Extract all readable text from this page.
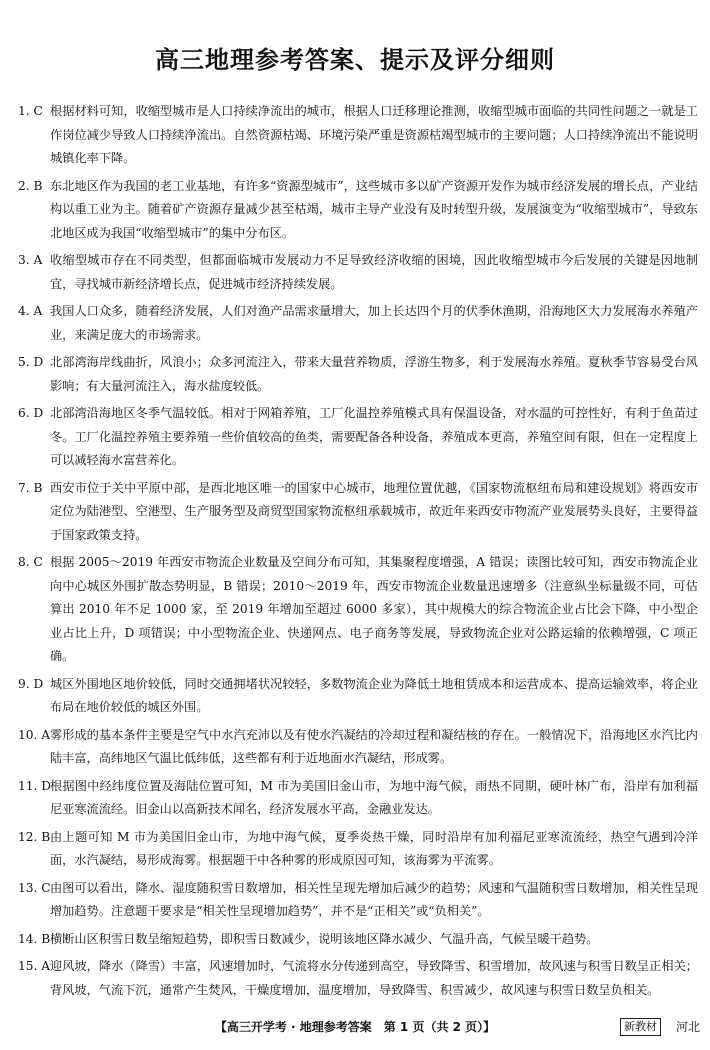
高三地理参考答案、提示及评分细则
1. C 根据材料可知，收缩型城市是人口持续净流出的城市，根据人口迁移理论推测，收缩型城市面临的共同性问题之一就是工作岗位减少导致人口持续净流出。自然资源枯竭、环境污染严重是资源枯竭型城市的主要问题；人口持续净流出不能说明城镇化率下降。
2. B 东北地区作为我国的老工业基地，有许多“资源型城市”，这些城市多以矿产资源开发作为城市经济发展的增长点，产业结构以重工业为主。随着矿产资源存量减少甚至枯竭，城市主导产业没有及时转型升级，发展演变为“收缩型城市”，导致东北地区成为我国“收缩型城市”的集中分布区。
3. A 收缩型城市存在不同类型，但都面临城市发展动力不足导致经济收缩的困境，因此收缩型城市今后发展的关键是因地制宜，寻找城市新经济增长点，促进城市经济持续发展。
4. A 我国人口众多，随着经济发展，人们对渔产品需求量增大，加上长达四个月的伏季休渔期，沿海地区大力发展海水养殖产业，来满足庞大的市场需求。
5. D 北部湾海岸线曲折，风浪小；众多河流注入，带来大量营养物质，浮游生物多，利于发展海水养殖。夏秋季节容易受台风影响；有大量河流注入，海水盐度较低。
6. D 北部湾沿海地区冬季气温较低。相对于网箱养殖，工厂化温控养殖模式具有保温设备，对水温的可控性好，有利于鱼苗过冬。工厂化温控养殖主要养殖一些价值较高的鱼类，需要配备各种设备，养殖成本更高，养殖空间有限，但在一定程度上可以减轻海水富营养化。
7. B 西安市位于关中平原中部，是西北地区唯一的国家中心城市，地理位置优越，《国家物流枢纽布局和建设规划》将西安市定位为陆港型、空港型、生产服务型及商贸型国家物流枢纽承载城市，故近年来西安市物流产业发展势头良好，主要得益于国家政策支持。
8. C 根据 2005～2019 年西安市物流企业数量及空间分布可知，其集聚程度增强，A 错误；读图比较可知，西安市物流企业向中心城区外围扩散态势明显，B 错误；2010～2019 年，西安市物流企业数量迅速增多（注意纵坐标量级不同，可估算出 2010 年不足 1000 家，至 2019 年增加至超过 6000 多家），其中规模大的综合物流企业占比会下降，中小型企业占比上升，D 项错误；中小型物流企业、快递网点、电子商务等发展，导致物流企业对公路运输的依赖增强，C 项正确。
9. D 城区外围地区地价较低，同时交通拥堵状况较轻，多数物流企业为降低土地租赁成本和运营成本、提高运输效率，将企业布局在地价较低的城区外围。
10. A 雾形成的基本条件主要是空气中水汽充沛以及有使水汽凝结的冷却过程和凝结核的存在。一般情况下，沿海地区水汽比内陆丰富，高纬地区气温比低纬低，这些都有利于近地面水汽凝结，形成雾。
11. D
根据图中经纬度位置及海陆位置可知，M 市为美国旧金山市，为地中海气候，雨热不同期，硬叶林广布，沿岸有加利福尼亚寒流流经。旧金山以高新技术闻名，经济发展水平高，金融业发达。
12. B 由上题可知 M 市为美国旧金山市，为地中海气候，夏季炎热干燥，同时沿岸有加利福尼亚寒流流经，热空气遇到冷洋面，水汽凝结，易形成海雾。根据题干中各种雾的形成原因可知，该海雾为平流雾。
13. C 由图可以看出，降水、湿度随积雪日数增加，相关性呈现先增加后减少的趋势；风速和气温随积雪日数增加，相关性呈现增加趋势。注意题干要求是“相关性呈现增加趋势”，并不是“正相关”或“负相关”。
14. B 横断山区积雪日数呈缩短趋势，即积雪日数减少，说明该地区降水减少、气温升高，气候呈暖干趋势。
15. A 迎风坡，降水（降雪）丰富，风速增加时，气流将水分传递到高空，导致降雪、积雪增加，故风速与积雪日数呈正相关；背风坡，气流下沉，通常产生焚风，干燥度增加，温度增加，导致降雪、积雪减少，故风速与积雪日数呈负相关。
【高三开学考 · 地理参考答案　第 1 页（共 2 页）】	新教材	河北
